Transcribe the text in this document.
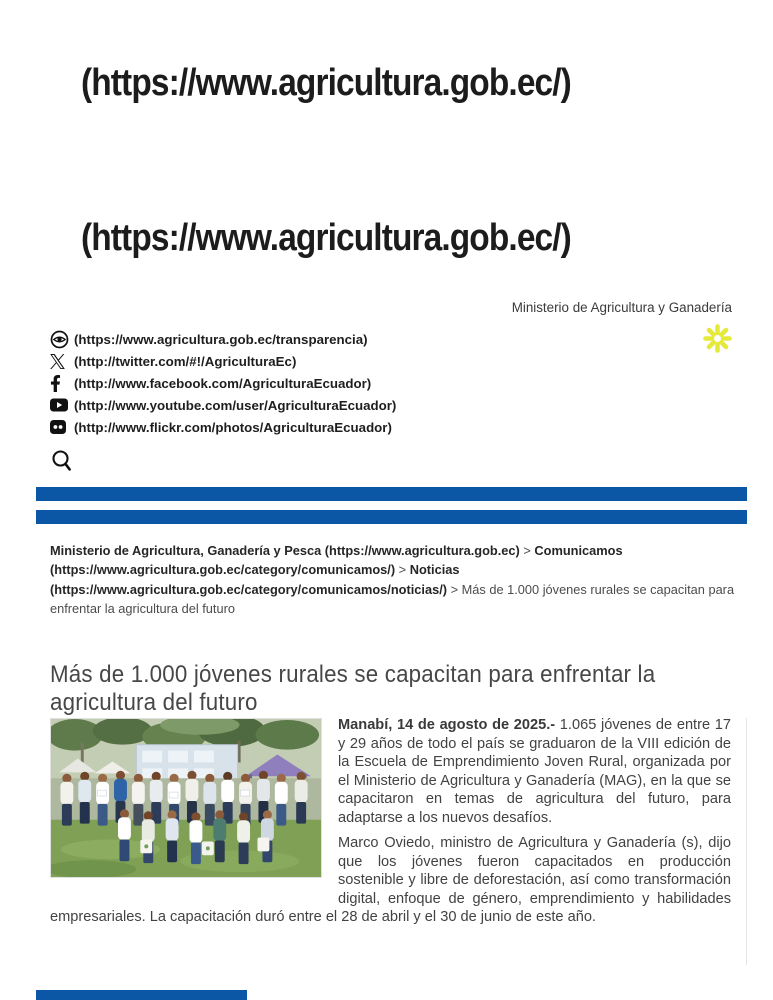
(https://www.agricultura.gob.ec/)
(https://www.agricultura.gob.ec/)
Ministerio de Agricultura y Ganadería
(https://www.agricultura.gob.ec/transparencia)
(http://twitter.com/#!/AgriculturaEc)
(http://www.facebook.com/AgriculturaEcuador)
(http://www.youtube.com/user/AgriculturaEcuador)
(http://www.flickr.com/photos/AgriculturaEcuador)
Ministerio de Agricultura, Ganadería y Pesca (https://www.agricultura.gob.ec) > Comunicamos (https://www.agricultura.gob.ec/category/comunicamos/) > Noticias (https://www.agricultura.gob.ec/category/comunicamos/noticias/) > Más de 1.000 jóvenes rurales se capacitan para enfrentar la agricultura del futuro
Más de 1.000 jóvenes rurales se capacitan para enfrentar la agricultura del futuro

Manabí, 14 de agosto de 2025.- 1.065 jóvenes de entre 17 y 29 años de todo el país se graduaron de la VIII edición de la Escuela de Emprendimiento Joven Rural, organizada por el Ministerio de Agricultura y Ganadería (MAG), en la que se capacitaron en temas de agricultura del futuro, para adaptarse a los nuevos desafíos.

Marco Oviedo, ministro de Agricultura y Ganadería (s), dijo que los jóvenes fueron capacitados en producción sostenible y libre de deforestación, así como transformación digital, enfoque de género, emprendimiento y habilidades empresariales. La capacitación duró entre el 28 de abril y el 30 de junio de este año.
